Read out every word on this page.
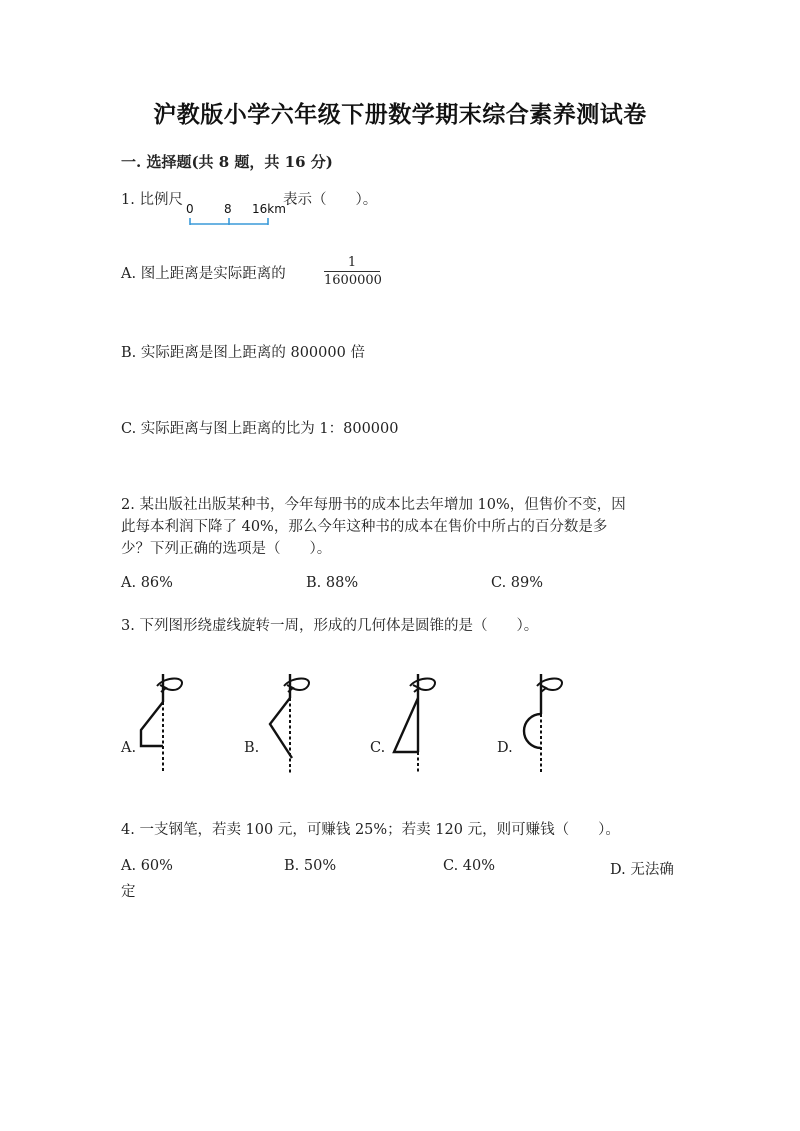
沪教版小学六年级下册数学期末综合素养测试卷
一. 选择题(共 8 题，共 16 分)
1. 比例尺
0	8 16km
表示（　　）。
A. 图上距离是实际距离的
1
1600000
B. 实际距离是图上距离的 800000 倍
C. 实际距离与图上距离的比为 1：800000
2. 某出版社出版某种书，今年每册书的成本比去年增加 10%，但售价不变，因
此每本利润下降了 40%，那么今年这种书的成本在售价中所占的百分数是多
少？下列正确的选项是（　　）。
A. 86%	B. 88%	C. 89%
3. 下列图形绕虚线旋转一周，形成的几何体是圆锥的是（　　）。
A.	B.	C.	D.
4. 一支钢笔，若卖 100 元，可赚钱 25%；若卖 120 元，则可赚钱（　　）。
A. 60%	B. 50%	C. 40%	D. 无法确
定
